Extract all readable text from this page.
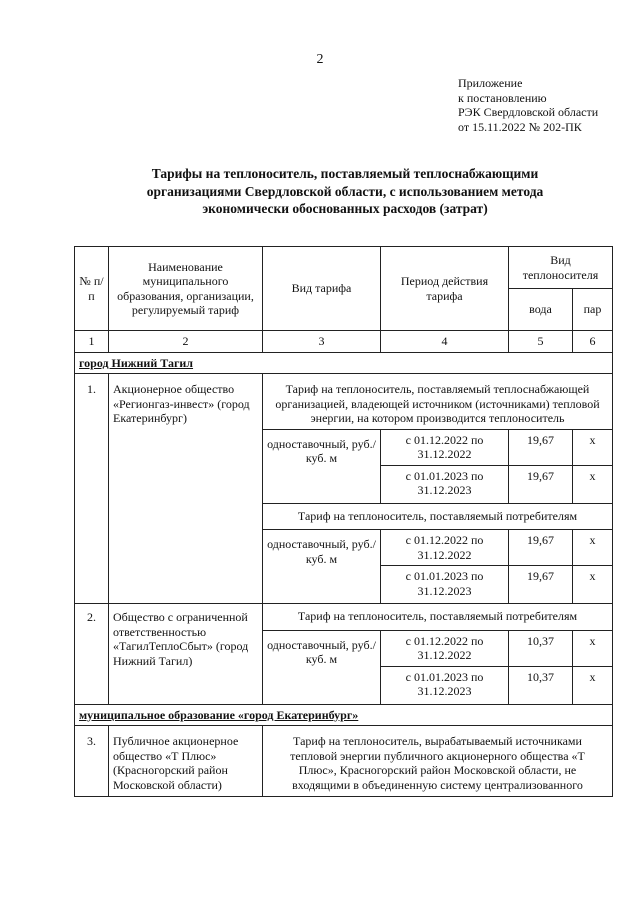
2
Приложение
к постановлению
РЭК Свердловской области
от 15.11.2022 № 202-ПК
Тарифы на теплоноситель, поставляемый теплоснабжающими
организациями Свердловской области, с использованием метода
экономически обоснованных расходов (затрат)
№ п/п	Наименование муниципального образования, организации, регулируемый тариф	Вид тарифа	Период действия тарифа	Вид теплоносителя	
				вода	пар
1	2	3	4	5	6
город Нижний Тагил					
1.	Акционерное общество «Регионгаз-инвест» (город Екатеринбург)	Тариф на теплоноситель, поставляемый теплоснабжающей организацией, владеющей источником (источниками) тепловой энергии, на котором производится теплоноситель			
		одноставочный, руб./куб. м	с 01.12.2022 по 31.12.2022	19,67	x
			с 01.01.2023 по 31.12.2023	19,67	x
		Тариф на теплоноситель, поставляемый потребителям			
		одноставочный, руб./куб. м	с 01.12.2022 по 31.12.2022	19,67	x
			с 01.01.2023 по 31.12.2023	19,67	x
2.	Общество с ограниченной ответственностью «ТагилТеплоСбыт» (город Нижний Тагил)	Тариф на теплоноситель, поставляемый потребителям			
		одноставочный, руб./куб. м	с 01.12.2022 по 31.12.2022	10,37	x
			с 01.01.2023 по 31.12.2023	10,37	x
муниципальное образование «город Екатеринбург»					
3.	Публичное акционерное общество «Т Плюс» (Красногорский район Московской области)	Тариф на теплоноситель, вырабатываемый источниками тепловой энергии публичного акционерного общества «Т Плюс», Красногорский район Московской области, не входящими в объединенную систему централизованного			
